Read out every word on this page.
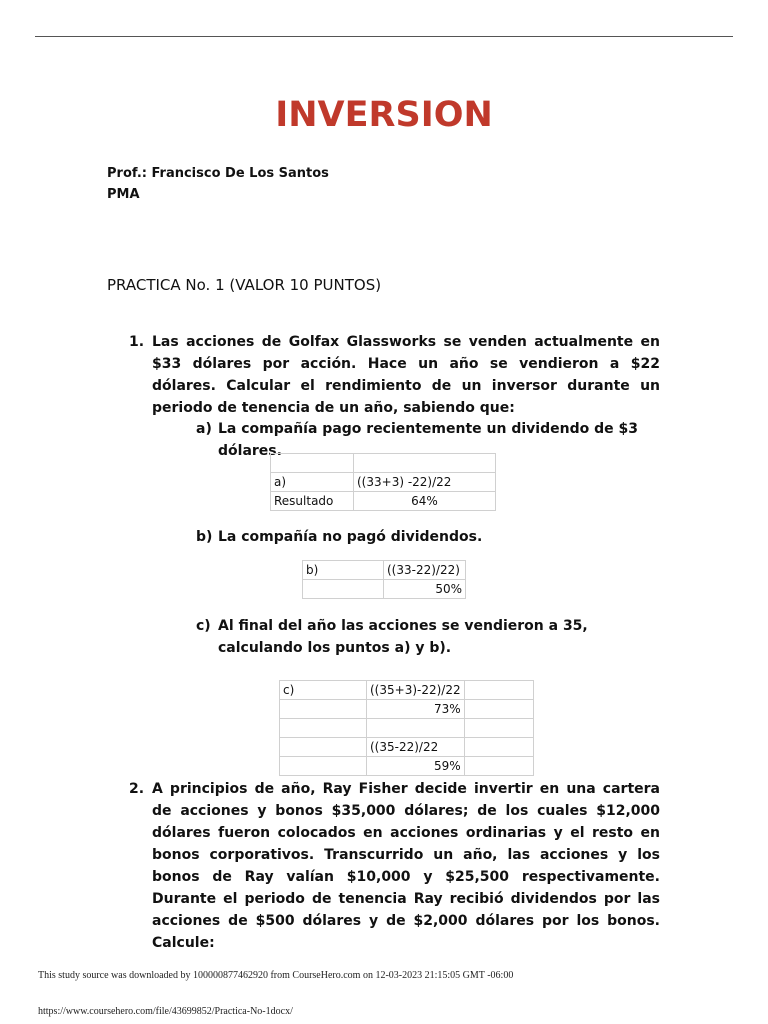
INVERSION
Prof.: Francisco De Los Santos
PMA
PRACTICA No. 1 (VALOR 10 PUNTOS)
1. Las acciones de Golfax Glassworks se venden actualmente en $33 dólares por acción. Hace un año se vendieron a $22 dólares. Calcular el rendimiento de un inversor durante un periodo de tenencia de un año, sabiendo que:
a) La compañía pago recientemente un dividendo de $3 dólares.

a)	((33+3) -22)/22
Resultado	64%
b) La compañía no pagó dividendos.
b)	((33-22)/22)
	50%
c) Al final del año las acciones se vendieron a 35, calculando los puntos a) y b).
c)	((35+3)-22)/22	
	73%	

	((35-22)/22	
	59%	
2. A principios de año, Ray Fisher decide invertir en una cartera de acciones y bonos $35,000 dólares; de los cuales $12,000 dólares fueron colocados en acciones ordinarias y el resto en bonos corporativos. Transcurrido un año, las acciones y los bonos de Ray valían $10,000 y $25,500 respectivamente. Durante el periodo de tenencia Ray recibió dividendos por las acciones de $500 dólares y de $2,000 dólares por los bonos. Calcule:
This study source was downloaded by 100000877462920 from CourseHero.com on 12-03-2023 21:15:05 GMT -06:00
https://www.coursehero.com/file/43699852/Practica-No-1docx/
